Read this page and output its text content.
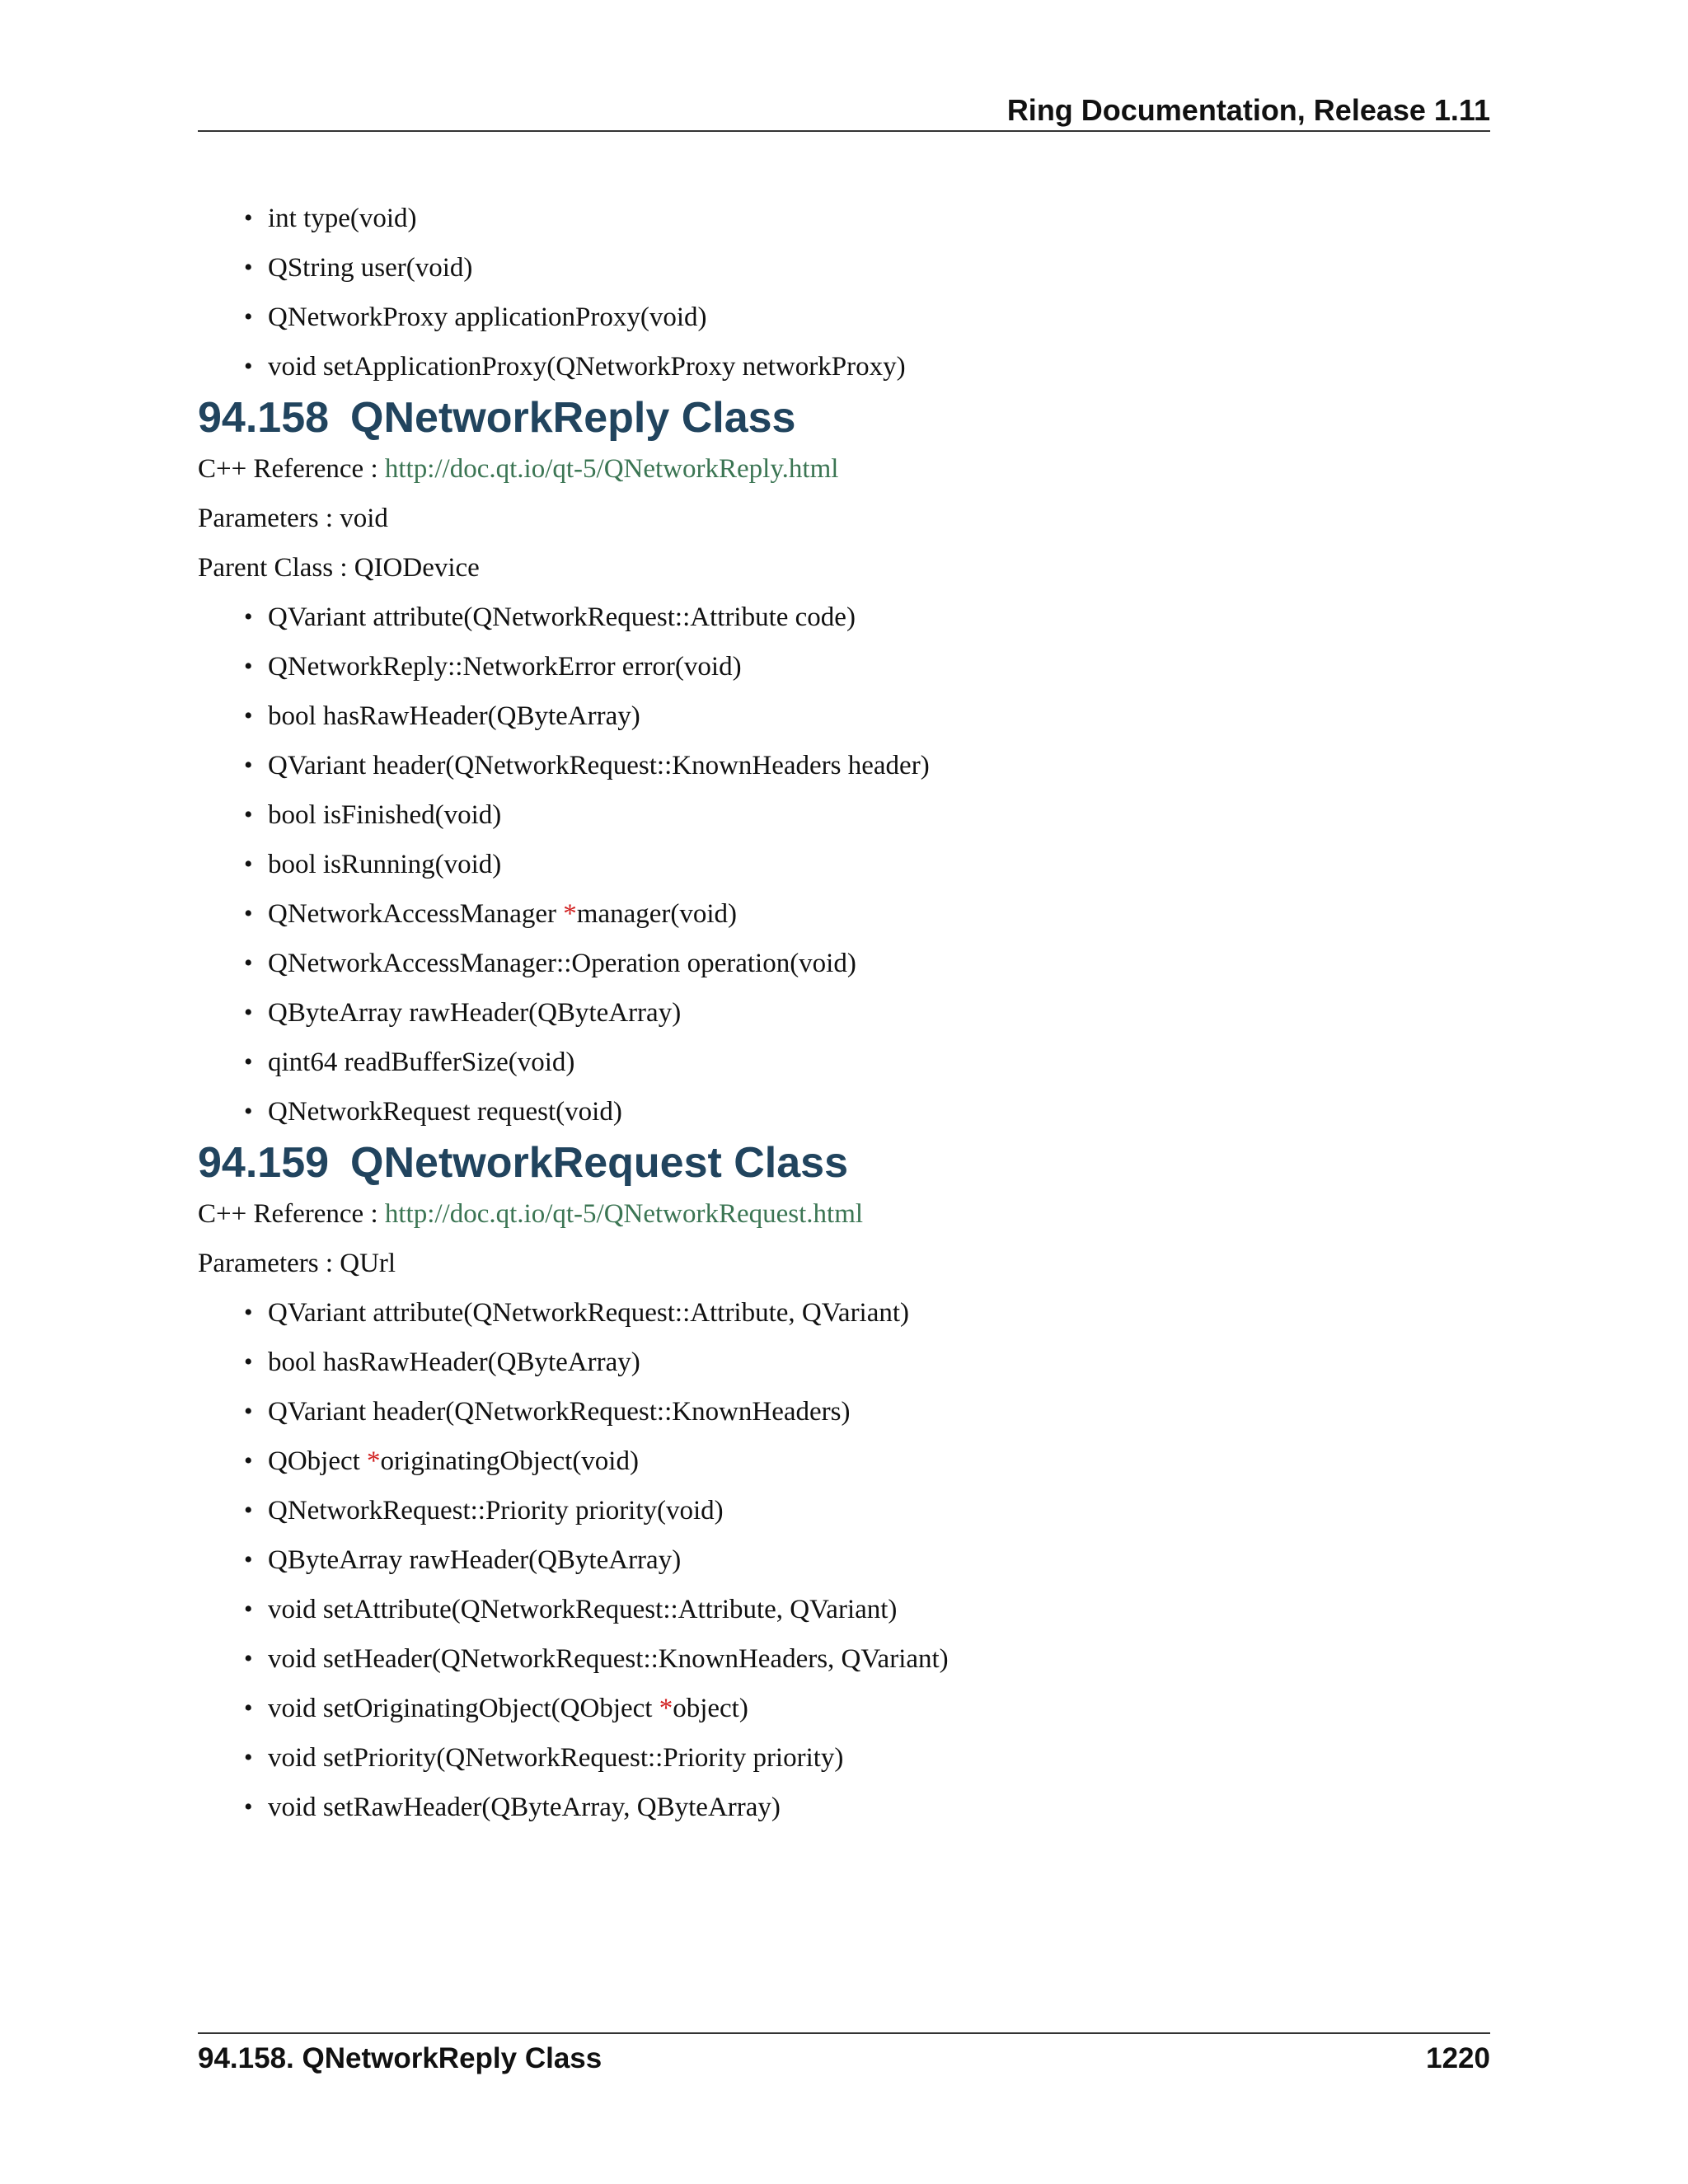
Ring Documentation, Release 1.11
• int type(void)
• QString user(void)
• QNetworkProxy applicationProxy(void)
• void setApplicationProxy(QNetworkProxy networkProxy)
94.158 QNetworkReply Class
C++ Reference : http://doc.qt.io/qt-5/QNetworkReply.html
Parameters : void
Parent Class : QIODevice
• QVariant attribute(QNetworkRequest::Attribute code)
• QNetworkReply::NetworkError error(void)
• bool hasRawHeader(QByteArray)
• QVariant header(QNetworkRequest::KnownHeaders header)
• bool isFinished(void)
• bool isRunning(void)
• QNetworkAccessManager *manager(void)
• QNetworkAccessManager::Operation operation(void)
• QByteArray rawHeader(QByteArray)
• qint64 readBufferSize(void)
• QNetworkRequest request(void)
94.159 QNetworkRequest Class
C++ Reference : http://doc.qt.io/qt-5/QNetworkRequest.html
Parameters : QUrl
• QVariant attribute(QNetworkRequest::Attribute, QVariant)
• bool hasRawHeader(QByteArray)
• QVariant header(QNetworkRequest::KnownHeaders)
• QObject *originatingObject(void)
• QNetworkRequest::Priority priority(void)
• QByteArray rawHeader(QByteArray)
• void setAttribute(QNetworkRequest::Attribute, QVariant)
• void setHeader(QNetworkRequest::KnownHeaders, QVariant)
• void setOriginatingObject(QObject *object)
• void setPriority(QNetworkRequest::Priority priority)
• void setRawHeader(QByteArray, QByteArray)
94.158. QNetworkReply Class	1220
